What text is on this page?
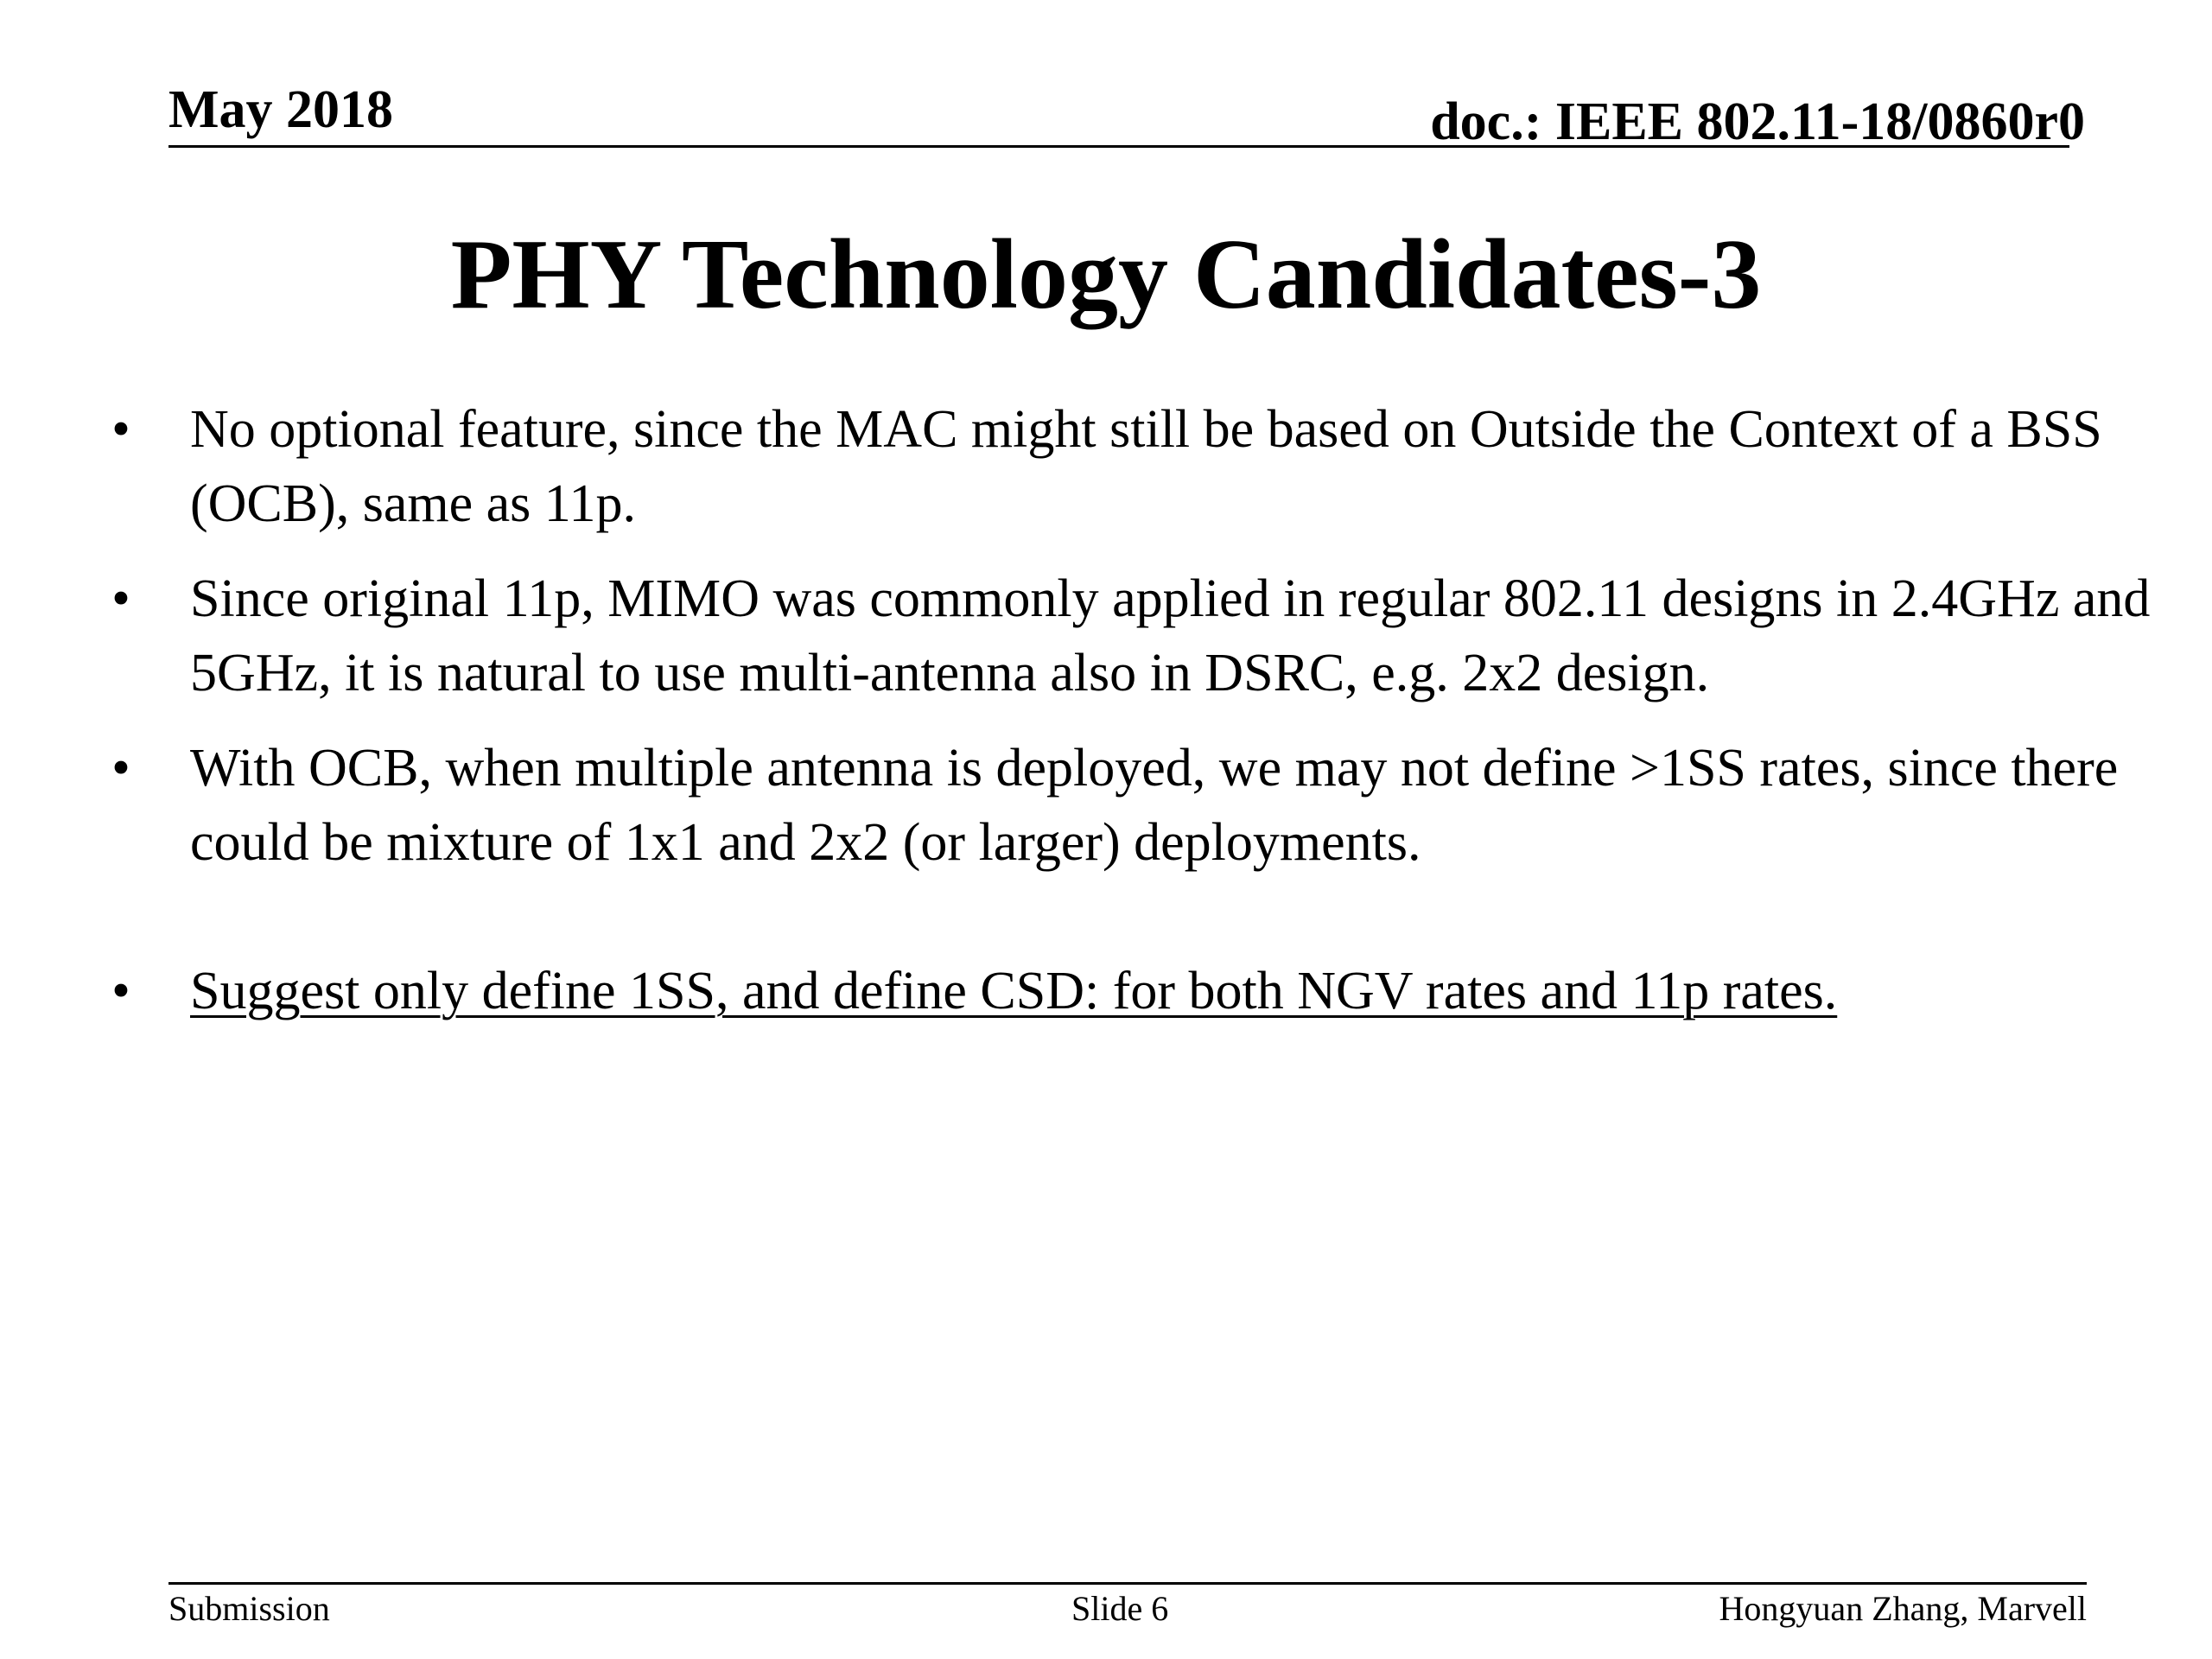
May 2018	doc.: IEEE 802.11-18/0860r0
PHY Technology Candidates-3
•	No optional feature, since the MAC might still be based on Outside the Context of a BSS (OCB), same as 11p.
•	Since original 11p, MIMO was commonly applied in regular 802.11 designs in 2.4GHz and 5GHz, it is natural to use multi-antenna also in DSRC, e.g. 2x2 design.
•	With OCB, when multiple antenna is deployed, we may not define >1SS rates, since there could be mixture of 1x1 and 2x2 (or larger) deployments.
•	Suggest only define 1SS, and define CSD: for both NGV rates and 11p rates.
Submission	Slide 6	Hongyuan Zhang, Marvell
